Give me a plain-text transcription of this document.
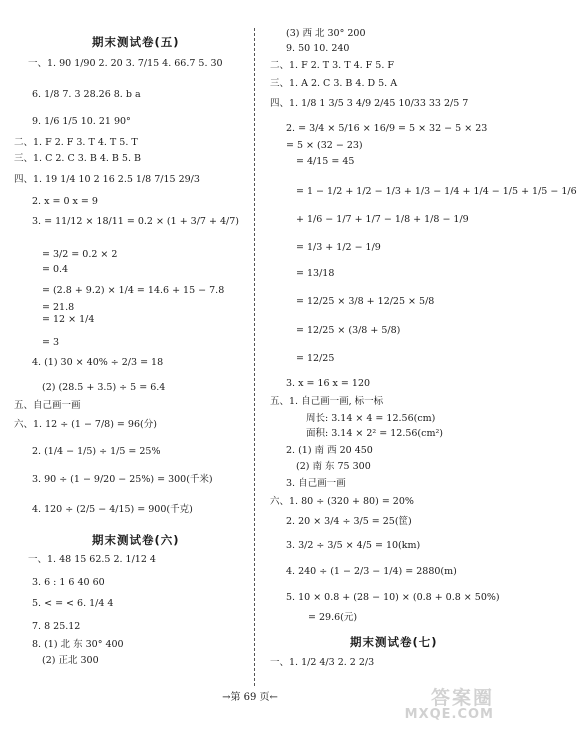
期末测试卷(五)
一、1. 90 1/90 2. 20 3. 7/15 4. 66.7 5. 30
6. 1/8 7. 3 28.26 8. b a
9. 1/6 1/5 10. 21 90°
二、1. F 2. F 3. T 4. T 5. T
三、1. C 2. C 3. B 4. B 5. B
四、1. 19 1/4 10 2 16 2.5 1/8 7/15 29/3
2. x = 0 x = 9
3. = 11/12 × 18/11 = 0.2 × (1 + 3/7 + 4/7)
= 3/2 = 0.2 × 2
= 0.4
= (2.8 + 9.2) × 1/4 = 14.6 + 15 − 7.8
= 21.8
= 12 × 1/4
= 3
4. (1) 30 × 40% ÷ 2/3 = 18
(2) (28.5 + 3.5) ÷ 5 = 6.4
五、自己画一画
六、1. 12 ÷ (1 − 7/8) = 96(分)
2. (1/4 − 1/5) ÷ 1/5 = 25%
3. 90 ÷ (1 − 9/20 − 25%) = 300(千米)
4. 120 ÷ (2/5 − 4/15) = 900(千克)
期末测试卷(六)
一、1. 48 15 62.5 2. 1/12 4
3. 6 : 1 6 40 60
5. < = < 6. 1/4 4
7. 8 25.12
8. (1) 北 东 30° 400
(2) 正北 300
(3) 西 北 30° 200
9. 50 10. 240
二、1. F 2. T 3. T 4. F 5. F
三、1. A 2. C 3. B 4. D 5. A
四、1. 1/8 1 3/5 3 4/9 2/45 10/33 33 2/5 7
2. = 3/4 × 5/16 × 16/9 = 5 × 32 − 5 × 23
= 5 × (32 − 23)
= 4/15 = 45
= 1 − 1/2 + 1/2 − 1/3 + 1/3 − 1/4 + 1/4 − 1/5 + 1/5 − 1/6
+ 1/6 − 1/7 + 1/7 − 1/8 + 1/8 − 1/9
= 1/3 + 1/2 − 1/9
= 13/18
= 12/25 × 3/8 + 12/25 × 5/8
= 12/25 × (3/8 + 5/8)
= 12/25
3. x = 16 x = 120
五、1. 自己画一画, 标一标
周长: 3.14 × 4 = 12.56(cm)
面积: 3.14 × 2² = 12.56(cm²)
2. (1) 南 西 20 450
(2) 南 东 75 300
3. 自己画一画
六、1. 80 ÷ (320 + 80) = 20%
2. 20 × 3/4 ÷ 3/5 = 25(筐)
3. 3/2 ÷ 3/5 × 4/5 = 10(km)
4. 240 ÷ (1 − 2/3 − 1/4) = 2880(m)
5. 10 × 0.8 + (28 − 10) × (0.8 + 0.8 × 50%)
= 29.6(元)
期末测试卷(七)
一、1. 1/2 4/3 2. 2 2/3
→第 69 页←	答案圈
MXQE.COM
